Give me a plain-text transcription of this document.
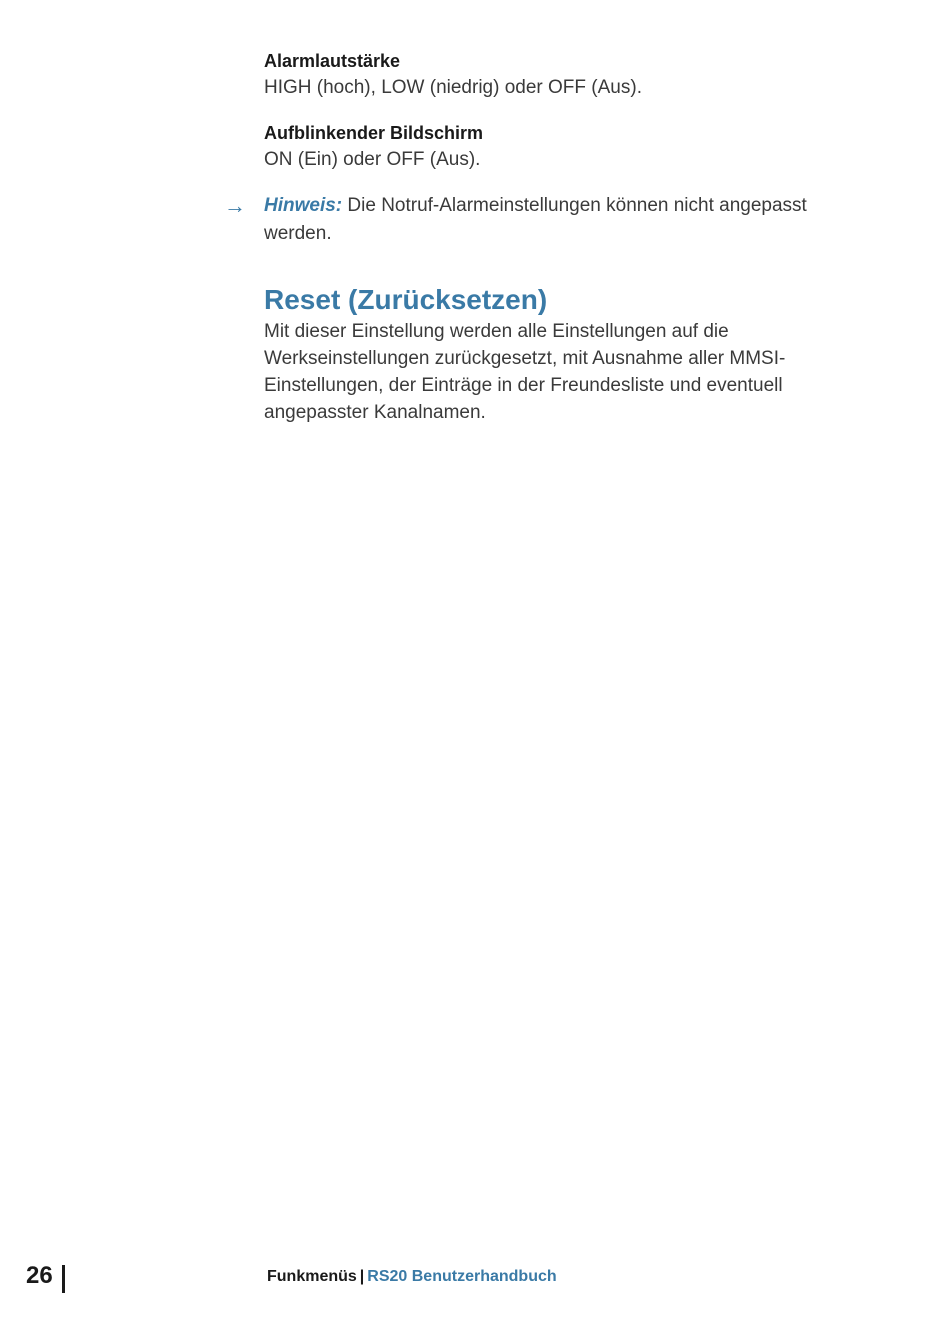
Alarmlautstärke
HIGH (hoch), LOW (niedrig) oder OFF (Aus).
Aufblinkender Bildschirm
ON (Ein) oder OFF (Aus).
→ Hinweis: Die Notruf-Alarmeinstellungen können nicht angepasst werden.
Reset (Zurücksetzen)
Mit dieser Einstellung werden alle Einstellungen auf die Werkseinstellungen zurückgesetzt, mit Ausnahme aller MMSI-Einstellungen, der Einträge in der Freundesliste und eventuell angepasster Kanalnamen.
26	Funkmenüs | RS20 Benutzerhandbuch
